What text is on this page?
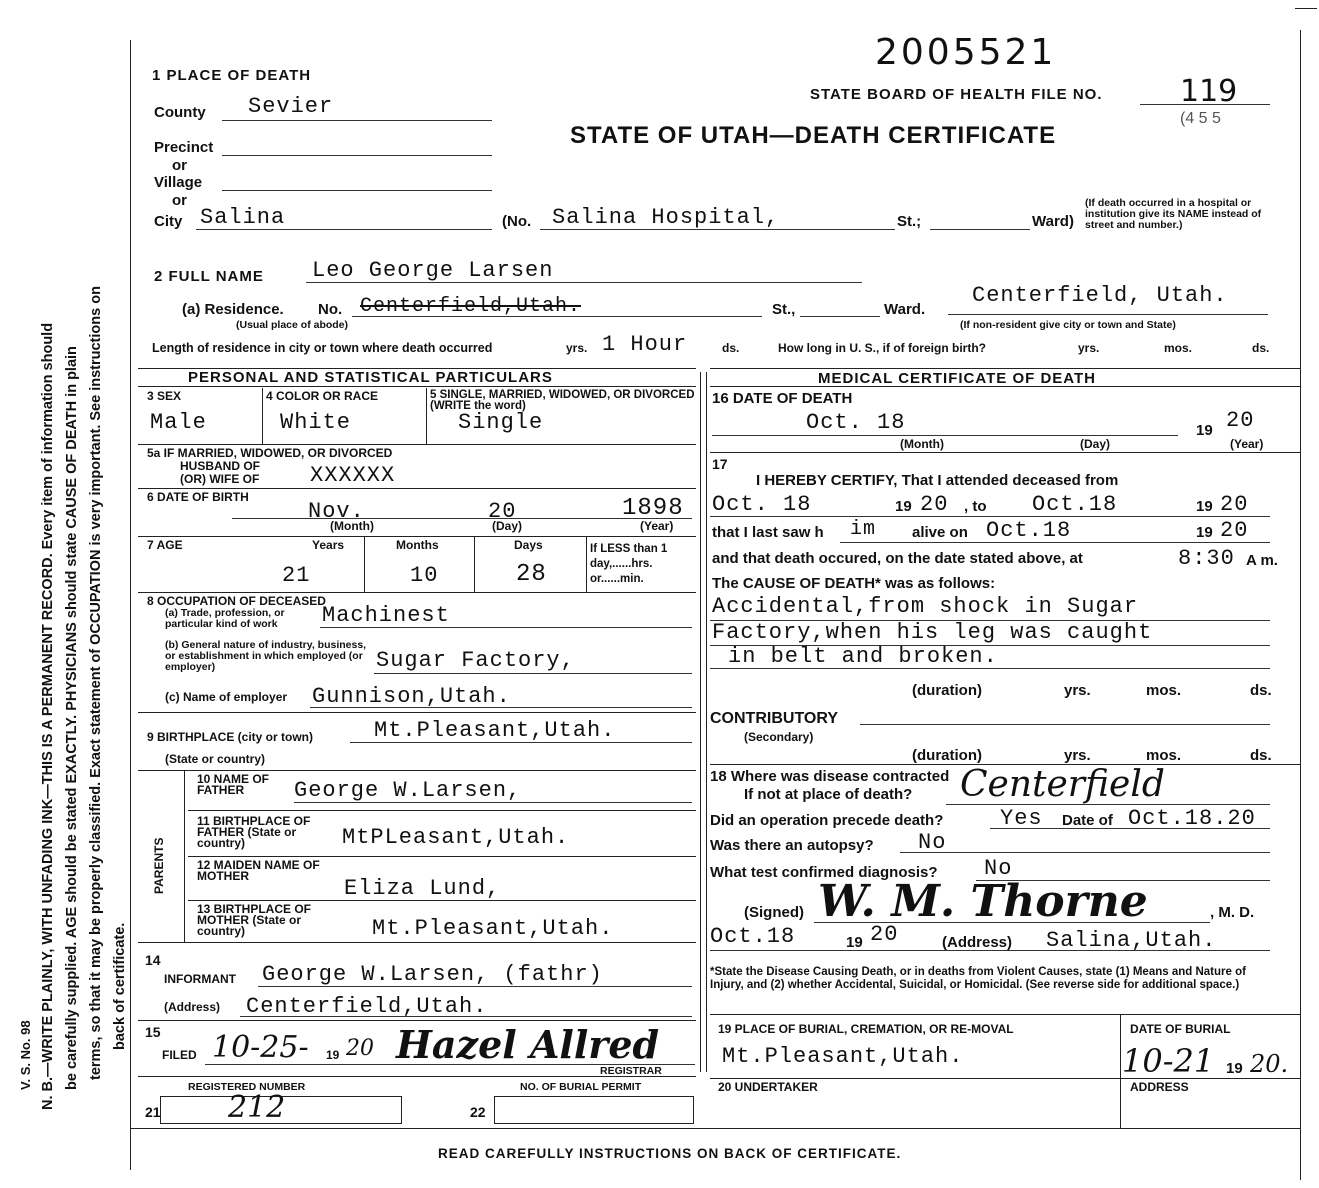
N. B.—WRITE PLAINLY, WITH UNFADING INK—THIS IS A PERMANENT RECORD. Every item of information should be carefully supplied. AGE should be stated EXACTLY. PHYSICIANS should state CAUSE OF DEATH in plain terms, so that it may be properly classified. Exact statement of OCCUPATION is very important. See instructions on back of certificate.
V. S. No. 98
2005521
STATE BOARD OF HEALTH FILE NO.	119
(4 5 5
STATE OF UTAH—DEATH CERTIFICATE
1 PLACE OF DEATH
County Sevier
Precinct
or
Village
or
City Salina	(No. Salina Hospital,	St.;	Ward)
(If death occurred in a hospital or institution give its NAME instead of street and number.)
2 FULL NAME Leo George Larsen
(a) Residence. No. Centerfield,Utah.	St.,	Ward.
Centerfield, Utah.
(Usual place of abode)	(If non-resident give city or town and State)
Length of residence in city or town where death occurred	yrs. 1 Hour	ds.	How long in U. S., if of foreign birth?	yrs.	mos.	ds.
PERSONAL AND STATISTICAL PARTICULARS	MEDICAL CERTIFICATE OF DEATH
3 SEX
Male
4 COLOR OR RACE
White
5 SINGLE, MARRIED, WIDOWED, OR DIVORCED (WRITE the word)
Single
5a IF MARRIED, WIDOWED, OR DIVORCED
HUSBAND OF
(OR) WIFE OF XXXXXX
6 DATE OF BIRTH
Nov.	20	1898
(Month)	(Day)	(Year)
7 AGE	Years	Months	Days	If LESS than 1 day,......hrs. or......min.
21	10	28
8 OCCUPATION OF DECEASED
(a) Trade, profession, or particular kind of work	Machinest
(b) General nature of industry, business, or establishment in which employed (or employer)	Sugar Factory,
(c) Name of employer Gunnison,Utah.
9 BIRTHPLACE (city or town)	Mt.Pleasant,Utah.
(State or country)
PARENTS
10 NAME OF FATHER	George W.Larsen,
11 BIRTHPLACE OF FATHER (State or country)	MtPLeasant,Utah.
12 MAIDEN NAME OF MOTHER	Eliza Lund,
13 BIRTHPLACE OF MOTHER (State or country)	Mt.Pleasant,Utah.
14
INFORMANT George W.Larsen, (fathr)
(Address) Centerfield,Utah.
15
FILED 10-25- 19 20 Hazel Allred
REGISTRAR
REGISTERED NUMBER
21 212
NO. OF BURIAL PERMIT
22
16 DATE OF DEATH
Oct. 18	19 20
(Month)	(Day)	(Year)
17
I HEREBY CERTIFY, That I attended deceased from
Oct. 18	19 20 , to Oct.18	19 20
that I last saw h im alive on Oct.18	19 20
and that death occured, on the date stated above, at	8:30 A m.
The CAUSE OF DEATH* was as follows:
Accidental,from shock in Sugar
Factory,when his leg was caught
in belt and broken.
(duration)	yrs.	mos.	ds.
CONTRIBUTORY
(Secondary)
(duration)	yrs.	mos.	ds.
18 Where was disease contracted
If not at place of death? Centerfield
Did an operation precede death?	Yes Date of Oct.18.20
Was there an autopsy? No
What test confirmed diagnosis? No
(Signed) W. M. Thorne	, M. D.
Oct.18	19 20	(Address) Salina,Utah.
*State the Disease Causing Death, or in deaths from Violent Causes, state (1) Means and Nature of Injury, and (2) whether Accidental, Suicidal, or Homicidal. (See reverse side for additional space.)
19 PLACE OF BURIAL, CREMATION, OR RE-MOVAL
Mt.Pleasant,Utah.
DATE OF BURIAL
10-21 19 20.
20 UNDERTAKER	ADDRESS
READ CAREFULLY INSTRUCTIONS ON BACK OF CERTIFICATE.
